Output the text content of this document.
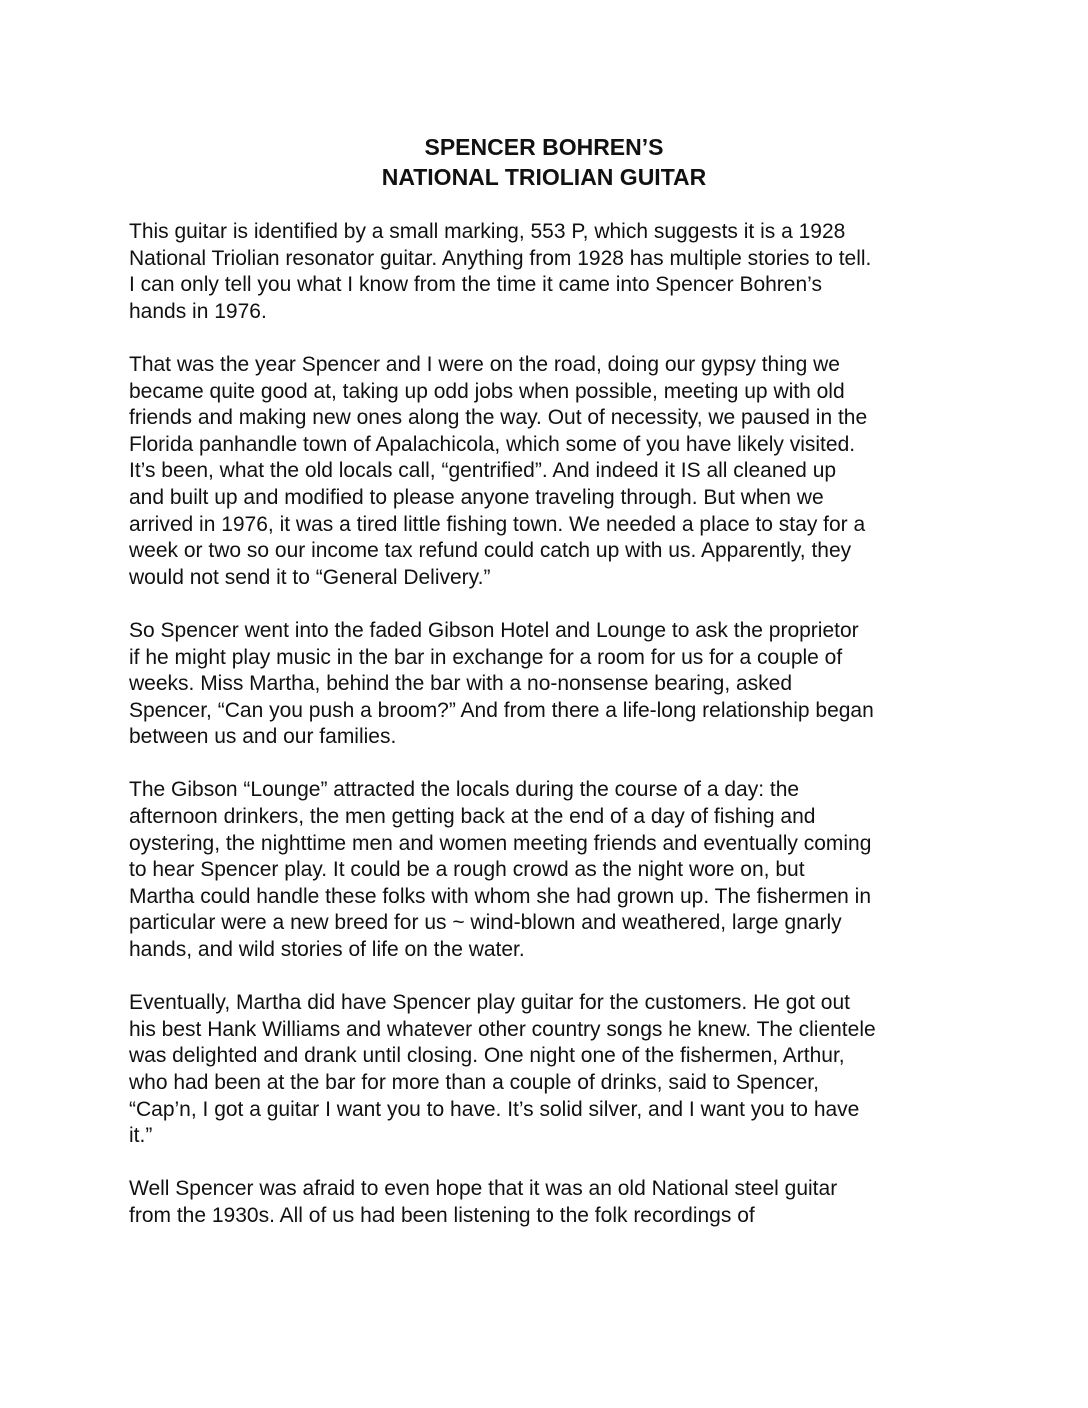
SPENCER BOHREN’S
NATIONAL TRIOLIAN GUITAR

This guitar is identified by a small marking, 553 P, which suggests it is a 1928
National Triolian resonator guitar. Anything from 1928 has multiple stories to tell.
I can only tell you what I know from the time it came into Spencer Bohren’s
hands in 1976.

That was the year Spencer and I were on the road, doing our gypsy thing we
became quite good at, taking up odd jobs when possible, meeting up with old
friends and making new ones along the way. Out of necessity, we paused in the
Florida panhandle town of Apalachicola, which some of you have likely visited.
It’s been, what the old locals call, “gentrified”. And indeed it IS all cleaned up
and built up and modified to please anyone traveling through. But when we
arrived in 1976, it was a tired little fishing town. We needed a place to stay for a
week or two so our income tax refund could catch up with us. Apparently, they
would not send it to “General Delivery.”

So Spencer went into the faded Gibson Hotel and Lounge to ask the proprietor
if he might play music in the bar in exchange for a room for us for a couple of
weeks. Miss Martha, behind the bar with a no-nonsense bearing, asked
Spencer, “Can you push a broom?” And from there a life-long relationship began
between us and our families.

The Gibson “Lounge” attracted the locals during the course of a day: the
afternoon drinkers, the men getting back at the end of a day of fishing and
oystering, the nighttime men and women meeting friends and eventually coming
to hear Spencer play. It could be a rough crowd as the night wore on, but
Martha could handle these folks with whom she had grown up. The fishermen in
particular were a new breed for us ~ wind-blown and weathered, large gnarly
hands, and wild stories of life on the water.

Eventually, Martha did have Spencer play guitar for the customers. He got out
his best Hank Williams and whatever other country songs he knew. The clientele
was delighted and drank until closing. One night one of the fishermen, Arthur,
who had been at the bar for more than a couple of drinks, said to Spencer,
“Cap’n, I got a guitar I want you to have. It’s solid silver, and I want you to have
it.”

Well Spencer was afraid to even hope that it was an old National steel guitar
from the 1930s. All of us had been listening to the folk recordings of
